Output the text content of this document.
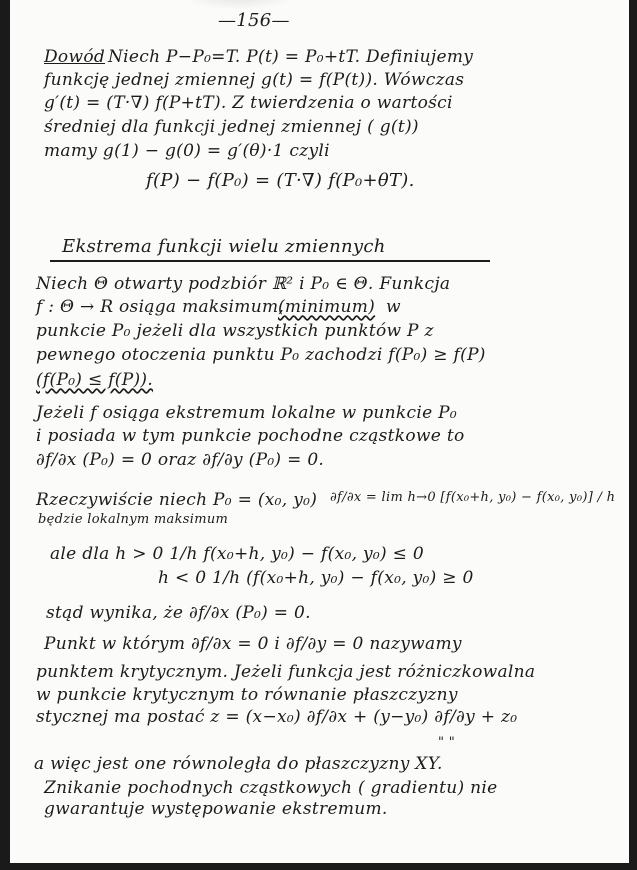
—156—
Dowód Niech P−P₀=T. P(t) = P₀+tT. Definiujemy
funkcję jednej zmiennej g(t) = f(P(t)). Wówczas
g′(t) = (T·∇) f(P+tT). Z twierdzenia o wartości
średniej dla funkcji jednej zmiennej ( g(t))
mamy g(1) − g(0) = g′(θ)·1 czyli
f(P) − f(P₀) = (T·∇) f(P₀+θT).
Ekstrema funkcji wielu zmiennych
Niech Θ otwarty podzbiór ℝ² i P₀ ∈ Θ. Funkcja
f : Θ → R osiąga maksimum,
(minimum) w
punkcie P₀ jeżeli dla wszystkich punktów P z
pewnego otoczenia punktu P₀ zachodzi f(P₀) ≥ f(P)
(f(P₀) ≤ f(P)).
Jeżeli f osiąga ekstremum lokalne w punkcie P₀
i posiada w tym punkcie pochodne cząstkowe to
∂f/∂x (P₀) = 0 oraz ∂f/∂y (P₀) = 0.
Rzeczywiście niech P₀ = (x₀, y₀) ∂f/∂x = lim h→0 [f(x₀+h, y₀) − f(x₀, y₀)] / h
będzie lokalnym maksimum
ale dla h > 0 1/h f(x₀+h, y₀) − f(x₀, y₀) ≤ 0
h < 0 1/h (f(x₀+h, y₀) − f(x₀, y₀) ≥ 0
stąd wynika, że ∂f/∂x (P₀) = 0.
Punkt w którym ∂f/∂x = 0 i ∂f/∂y = 0 nazywamy
punktem krytycznym. Jeżeli funkcja jest różniczkowalna
w punkcie krytycznym to równanie płaszczyzny
stycznej ma postać z = (x−x₀) ∂f/∂x + (y−y₀) ∂f/∂y + z₀
" "
a więc jest one równoległa do płaszczyzny XY.
Znikanie pochodnych cząstkowych ( gradientu) nie
gwarantuje występowanie ekstremum.
